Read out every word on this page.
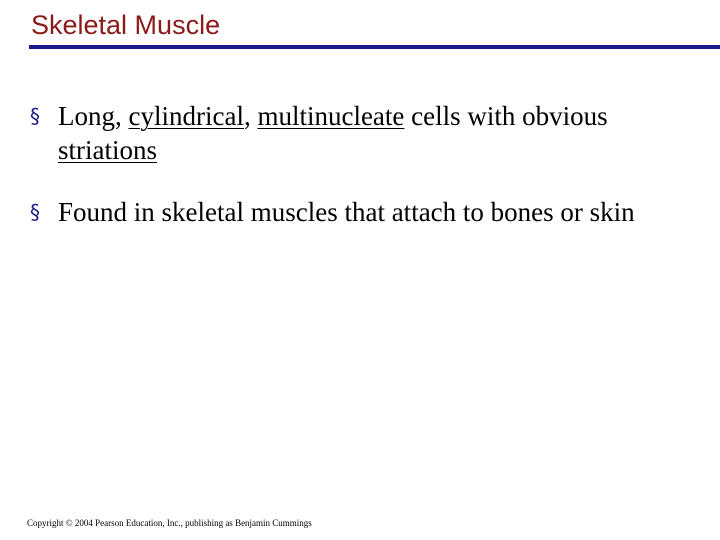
Skeletal Muscle
§ Long, cylindrical, multinucleate cells with obvious striations
§ Found in skeletal muscles that attach to bones or skin
Copyright © 2004 Pearson Education, Inc., publishing as Benjamin Cummings
